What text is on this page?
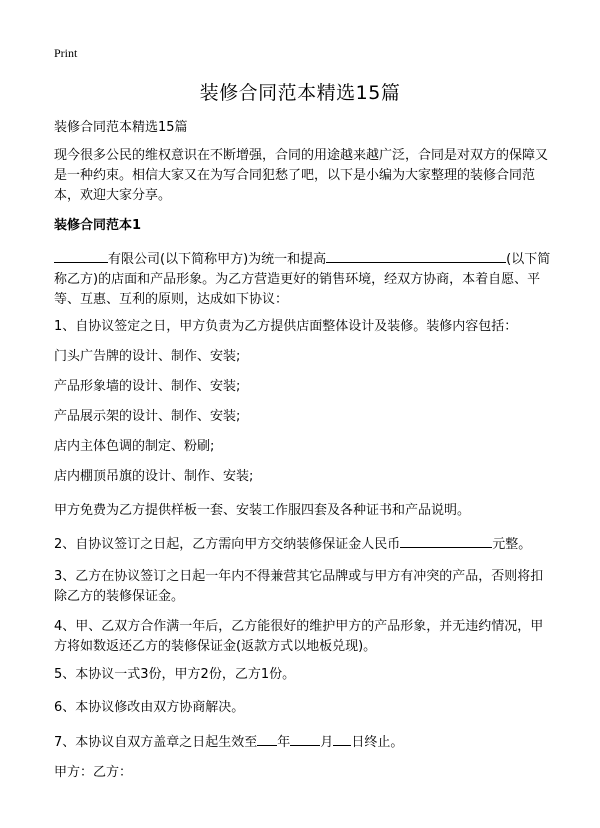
Print
装修合同范本精选15篇

装修合同范本精选15篇

现今很多公民的维权意识在不断增强，合同的用途越来越广泛，合同是对双方的保障又是一种约束。相信大家又在为写合同犯愁了吧，以下是小编为大家整理的装修合同范本，欢迎大家分享。

装修合同范本1

有限公司(以下简称甲方)为统一和提高	(以下简称乙方)的店面和产品形象。为乙方营造更好的销售环境，经双方协商，本着自愿、平等、互惠、互利的原则，达成如下协议：

1、自协议签定之日，甲方负责为乙方提供店面整体设计及装修。装修内容包括：

门头广告牌的设计、制作、安装;

产品形象墙的设计、制作、安装;

产品展示架的设计、制作、安装;

店内主体色调的制定、粉刷;

店内棚顶吊旗的设计、制作、安装;

甲方免费为乙方提供样板一套、安装工作服四套及各种证书和产品说明。

2、自协议签订之日起，乙方需向甲方交纳装修保证金人民币	元整。

3、乙方在协议签订之日起一年内不得兼营其它品牌或与甲方有冲突的产品，否则将扣除乙方的装修保证金。

4、甲、乙双方合作满一年后，乙方能很好的维护甲方的产品形象，并无违约情况，甲方将如数返还乙方的装修保证金(返款方式以地板兑现)。

5、本协议一式3份，甲方2份，乙方1份。

6、本协议修改由双方协商解决。

7、本协议自双方盖章之日起生效至 年 月 日终止。

甲方：乙方：
